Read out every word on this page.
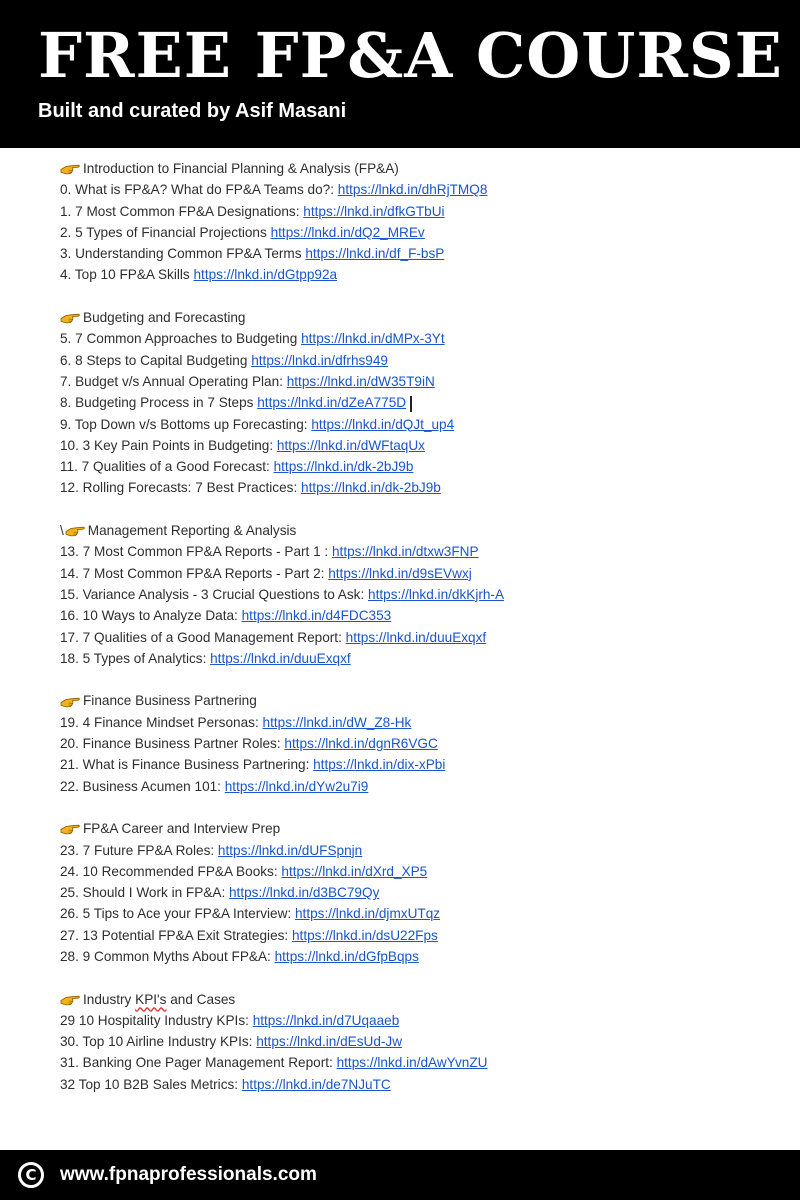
FREE FP&A COURSE
Built and curated by Asif Masani
Introduction to Financial Planning & Analysis (FP&A)
0. What is FP&A? What do FP&A Teams do?: https://lnkd.in/dhRjTMQ8
1. 7 Most Common FP&A Designations: https://lnkd.in/dfkGTbUi
2. 5 Types of Financial Projections https://lnkd.in/dQ2_MREv
3. Understanding Common FP&A Terms https://lnkd.in/df_F-bsP
4. Top 10 FP&A Skills https://lnkd.in/dGtpp92a
Budgeting and Forecasting
5. 7 Common Approaches to Budgeting https://lnkd.in/dMPx-3Yt
6. 8 Steps to Capital Budgeting https://lnkd.in/dfrhs949
7. Budget v/s Annual Operating Plan: https://lnkd.in/dW35T9iN
8. Budgeting Process in 7 Steps https://lnkd.in/dZeA775D
9. Top Down v/s Bottoms up Forecasting: https://lnkd.in/dQJt_up4
10. 3 Key Pain Points in Budgeting: https://lnkd.in/dWFtaqUx
11. 7 Qualities of a Good Forecast: https://lnkd.in/dk-2bJ9b
12. Rolling Forecasts: 7 Best Practices: https://lnkd.in/dk-2bJ9b
\ Management Reporting & Analysis
13. 7 Most Common FP&A Reports - Part 1 : https://lnkd.in/dtxw3FNP
14. 7 Most Common FP&A Reports - Part 2: https://lnkd.in/d9sEVwxj
15. Variance Analysis - 3 Crucial Questions to Ask: https://lnkd.in/dkKjrh-A
16. 10 Ways to Analyze Data: https://lnkd.in/d4FDC353
17. 7 Qualities of a Good Management Report: https://lnkd.in/duuExqxf
18. 5 Types of Analytics: https://lnkd.in/duuExqxf
Finance Business Partnering
19. 4 Finance Mindset Personas: https://lnkd.in/dW_Z8-Hk
20. Finance Business Partner Roles: https://lnkd.in/dgnR6VGC
21. What is Finance Business Partnering: https://lnkd.in/dix-xPbi
22. Business Acumen 101: https://lnkd.in/dYw2u7i9
FP&A Career and Interview Prep
23. 7 Future FP&A Roles: https://lnkd.in/dUFSpnjn
24. 10 Recommended FP&A Books: https://lnkd.in/dXrd_XP5
25. Should I Work in FP&A: https://lnkd.in/d3BC79Qy
26. 5 Tips to Ace your FP&A Interview: https://lnkd.in/djmxUTqz
27. 13 Potential FP&A Exit Strategies: https://lnkd.in/dsU22Fps
28. 9 Common Myths About FP&A: https://lnkd.in/dGfpBqps
Industry KPI's and Cases
29 10 Hospitality Industry KPIs: https://lnkd.in/d7Uqaaeb
30. Top 10 Airline Industry KPIs: https://lnkd.in/dEsUd-Jw
31. Banking One Pager Management Report: https://lnkd.in/dAwYvnZU
32 Top 10 B2B Sales Metrics: https://lnkd.in/de7NJuTC
C	www.fpnaprofessionals.com
